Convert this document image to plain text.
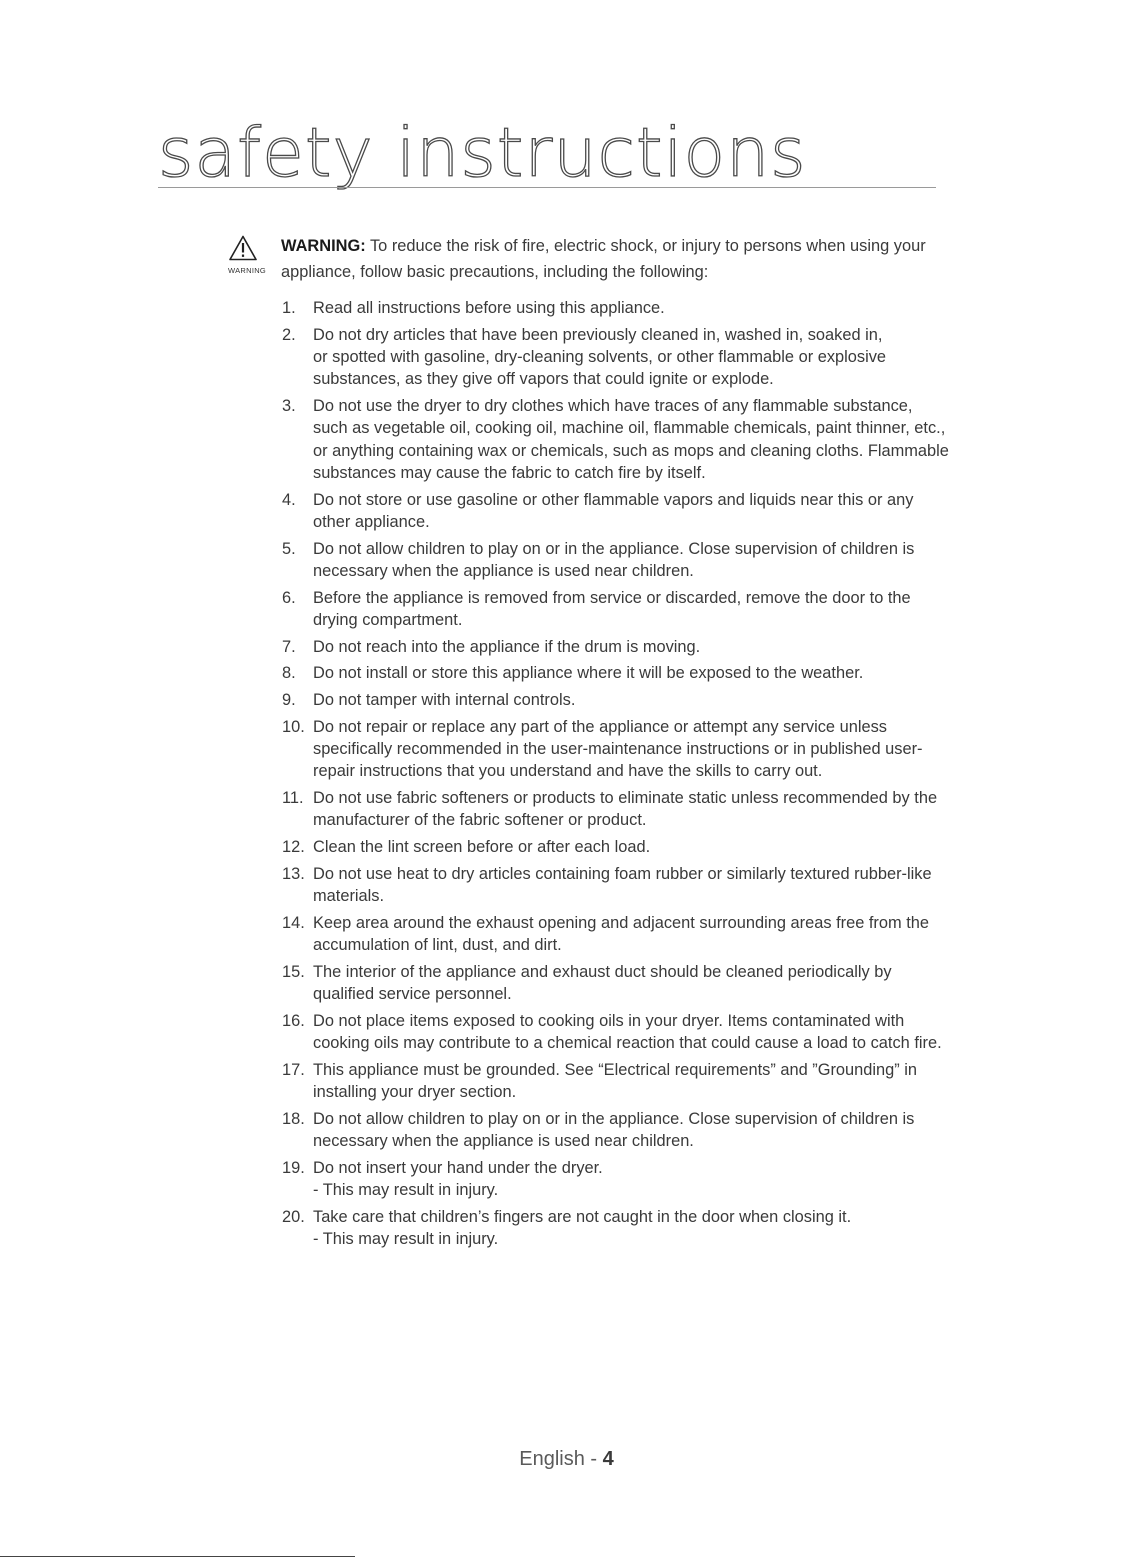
safety instructions
WARNING
WARNING: To reduce the risk of fire, electric shock, or injury to persons when using your
appliance, follow basic precautions, including the following:
1. Read all instructions before using this appliance.
2. Do not dry articles that have been previously cleaned in, washed in, soaked in,
or spotted with gasoline, dry-cleaning solvents, or other flammable or explosive
substances, as they give off vapors that could ignite or explode.
3. Do not use the dryer to dry clothes which have traces of any flammable substance,
such as vegetable oil, cooking oil, machine oil, flammable chemicals, paint thinner, etc.,
or anything containing wax or chemicals, such as mops and cleaning cloths. Flammable
substances may cause the fabric to catch fire by itself.
4. Do not store or use gasoline or other flammable vapors and liquids near this or any
other appliance.
5. Do not allow children to play on or in the appliance. Close supervision of children is
necessary when the appliance is used near children.
6. Before the appliance is removed from service or discarded, remove the door to the
drying compartment.
7. Do not reach into the appliance if the drum is moving.
8. Do not install or store this appliance where it will be exposed to the weather.
9. Do not tamper with internal controls.
10. Do not repair or replace any part of the appliance or attempt any service unless
specifically recommended in the user-maintenance instructions or in published user-
repair instructions that you understand and have the skills to carry out.
11. Do not use fabric softeners or products to eliminate static unless recommended by the
manufacturer of the fabric softener or product.
12. Clean the lint screen before or after each load.
13. Do not use heat to dry articles containing foam rubber or similarly textured rubber-like
materials.
14. Keep area around the exhaust opening and adjacent surrounding areas free from the
accumulation of lint, dust, and dirt.
15. The interior of the appliance and exhaust duct should be cleaned periodically by
qualified service personnel.
16. Do not place items exposed to cooking oils in your dryer. Items contaminated with
cooking oils may contribute to a chemical reaction that could cause a load to catch fire.
17. This appliance must be grounded. See “Electrical requirements” and ”Grounding” in
installing your dryer section.
18. Do not allow children to play on or in the appliance. Close supervision of children is
necessary when the appliance is used near children.
19. Do not insert your hand under the dryer.
- This may result in injury.
20. Take care that children’s fingers are not caught in the door when closing it.
- This may result in injury.
English - 4
